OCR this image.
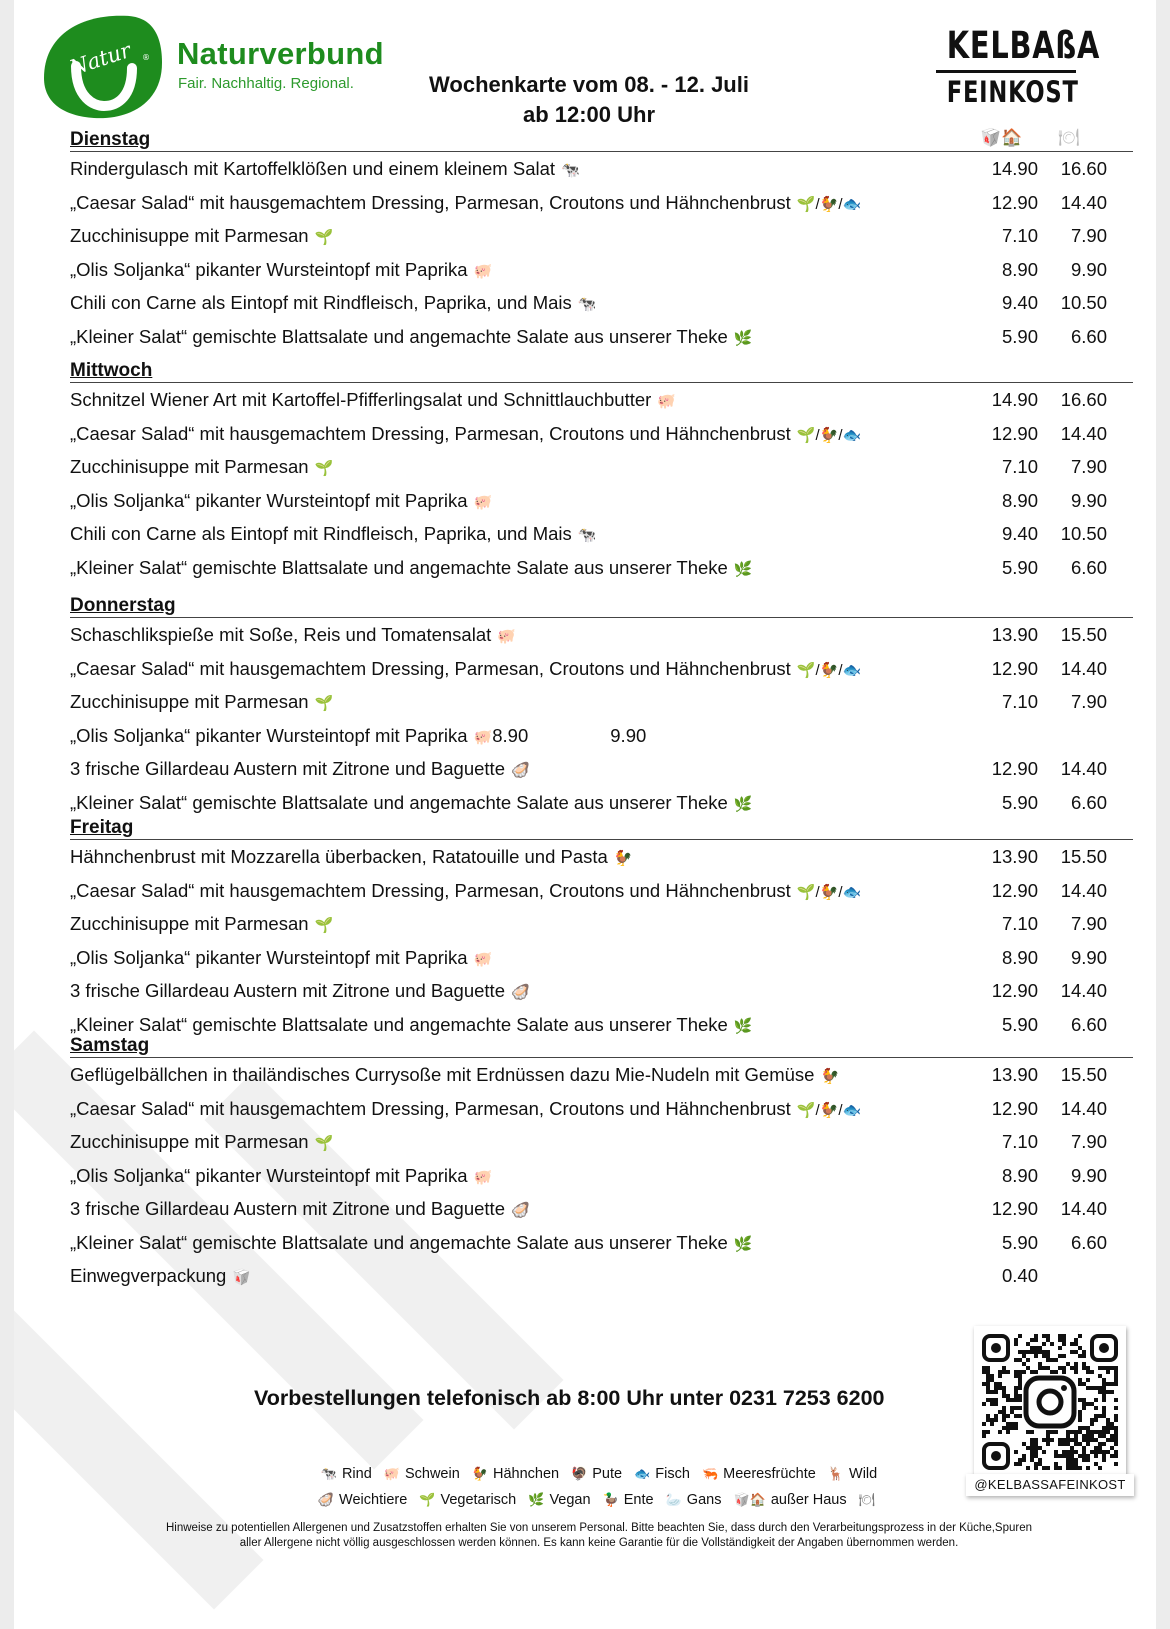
Natur ® Naturverbund
Fair. Nachhaltig. Regional.	Wochenkarte vom 08. - 12. Juli
ab 12:00 Uhr
KELBAßA
FEINKOST
🥡🏠 🍽
Dienstag
Rindergulasch mit Kartoffelklößen und einem kleinem Salat 🐄	14.90	16.60
„Caesar Salad“ mit hausgemachtem Dressing, Parmesan, Croutons und Hähnchenbrust 🌱/🐓/🐟	12.90	14.40
Zucchinisuppe mit Parmesan 🌱	7.10	7.90
„Olis Soljanka“ pikanter Wursteintopf mit Paprika 🐖	8.90	9.90
Chili con Carne als Eintopf mit Rindfleisch, Paprika, und Mais 🐄	9.40	10.50
„Kleiner Salat“ gemischte Blattsalate und angemachte Salate aus unserer Theke 🌿	5.90	6.60
Mittwoch
Schnitzel Wiener Art mit Kartoffel-Pfifferlingsalat und Schnittlauchbutter 🐖	14.90	16.60
„Caesar Salad“ mit hausgemachtem Dressing, Parmesan, Croutons und Hähnchenbrust 🌱/🐓/🐟	12.90	14.40
Zucchinisuppe mit Parmesan 🌱	7.10	7.90
„Olis Soljanka“ pikanter Wursteintopf mit Paprika 🐖	8.90	9.90
Chili con Carne als Eintopf mit Rindfleisch, Paprika, und Mais 🐄	9.40	10.50
„Kleiner Salat“ gemischte Blattsalate und angemachte Salate aus unserer Theke 🌿	5.90	6.60
Donnerstag
Schaschlikspieße mit Soße, Reis und Tomatensalat 🐖	13.90	15.50
„Caesar Salad“ mit hausgemachtem Dressing, Parmesan, Croutons und Hähnchenbrust 🌱/🐓/🐟	12.90	14.40
Zucchinisuppe mit Parmesan 🌱	7.10	7.90
„Olis Soljanka“ pikanter Wursteintopf mit Paprika 🐖8.90	9.90
3 frische Gillardeau Austern mit Zitrone und Baguette 🦪	12.90	14.40
„Kleiner Salat“ gemischte Blattsalate und angemachte Salate aus unserer Theke 🌿	5.90	6.60
Freitag
Hähnchenbrust mit Mozzarella überbacken, Ratatouille und Pasta 🐓	13.90	15.50
„Caesar Salad“ mit hausgemachtem Dressing, Parmesan, Croutons und Hähnchenbrust 🌱/🐓/🐟	12.90	14.40
Zucchinisuppe mit Parmesan 🌱	7.10	7.90
„Olis Soljanka“ pikanter Wursteintopf mit Paprika 🐖	8.90	9.90
3 frische Gillardeau Austern mit Zitrone und Baguette 🦪	12.90	14.40
„Kleiner Salat“ gemischte Blattsalate und angemachte Salate aus unserer Theke 🌿	5.90	6.60
Samstag
Geflügelbällchen in thailändisches Currysoße mit Erdnüssen dazu Mie-Nudeln mit Gemüse 🐓	13.90	15.50
„Caesar Salad“ mit hausgemachtem Dressing, Parmesan, Croutons und Hähnchenbrust 🌱/🐓/🐟	12.90	14.40
Zucchinisuppe mit Parmesan 🌱	7.10	7.90
„Olis Soljanka“ pikanter Wursteintopf mit Paprika 🐖	8.90	9.90
3 frische Gillardeau Austern mit Zitrone und Baguette 🦪	12.90	14.40
„Kleiner Salat“ gemischte Blattsalate und angemachte Salate aus unserer Theke 🌿	5.90	6.60
Einwegverpackung 🥡	0.40
Vorbestellungen telefonisch ab 8:00 Uhr unter 0231 7253 6200
@KELBASSAFEINKOST
🐄 Rind 🐖 Schwein 🐓 Hähnchen 🦃 Pute 🐟 Fisch 🦐 Meeresfrüchte 🦌 Wild
🦪 Weichtiere 🌱 Vegetarisch 🌿 Vegan 🦆 Ente 🦢 Gans 🥡🏠 außer Haus 🍽
Hinweise zu potentiellen Allergenen und Zusatzstoffen erhalten Sie von unserem Personal. Bitte beachten Sie, dass durch den Verarbeitungsprozess in der Küche,Spuren
aller Allergene nicht völlig ausgeschlossen werden können. Es kann keine Garantie für die Vollständigkeit der Angaben übernommen werden.
